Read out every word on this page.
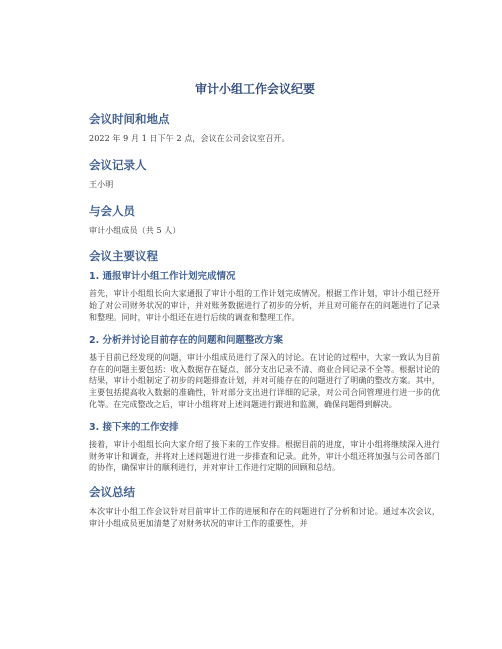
审计小组工作会议纪要
会议时间和地点
2022 年 9 月 1 日下午 2 点，会议在公司会议室召开。
会议记录人
王小明
与会人员
审计小组成员（共 5 人）
会议主要议程
1. 通报审计小组工作计划完成情况
首先，审计小组组长向大家通报了审计小组的工作计划完成情况。根据工作计划，审计小组已经开始了对公司财务状况的审计，并对账务数据进行了初步的分析，并且对可能存在的问题进行了记录和整理。同时，审计小组还在进行后续的调查和整理工作。
2. 分析并讨论目前存在的问题和问题整改方案
基于目前已经发现的问题，审计小组成员进行了深入的讨论。在讨论的过程中，大家一致认为目前存在的问题主要包括：收入数据存在疑点、部分支出记录不清、商业合同记录不全等。根据讨论的结果，审计小组制定了初步的问题排查计划，并对可能存在的问题进行了明确的整改方案。其中，主要包括提高收入数据的准确性，针对部分支出进行详细的记录，对公司合同管理进行进一步的优化等。在完成整改之后，审计小组将对上述问题进行跟进和监测，确保问题得到解决。
3. 接下来的工作安排
接着，审计小组组长向大家介绍了接下来的工作安排。根据目前的进度，审计小组将继续深入进行财务审计和调查，并将对上述问题进行进一步排查和记录。此外，审计小组还将加强与公司各部门的协作，确保审计的顺利进行，并对审计工作进行定期的回顾和总结。
会议总结
本次审计小组工作会议针对目前审计工作的进展和存在的问题进行了分析和讨论。通过本次会议，审计小组成员更加清楚了对财务状况的审计工作的重要性，并
